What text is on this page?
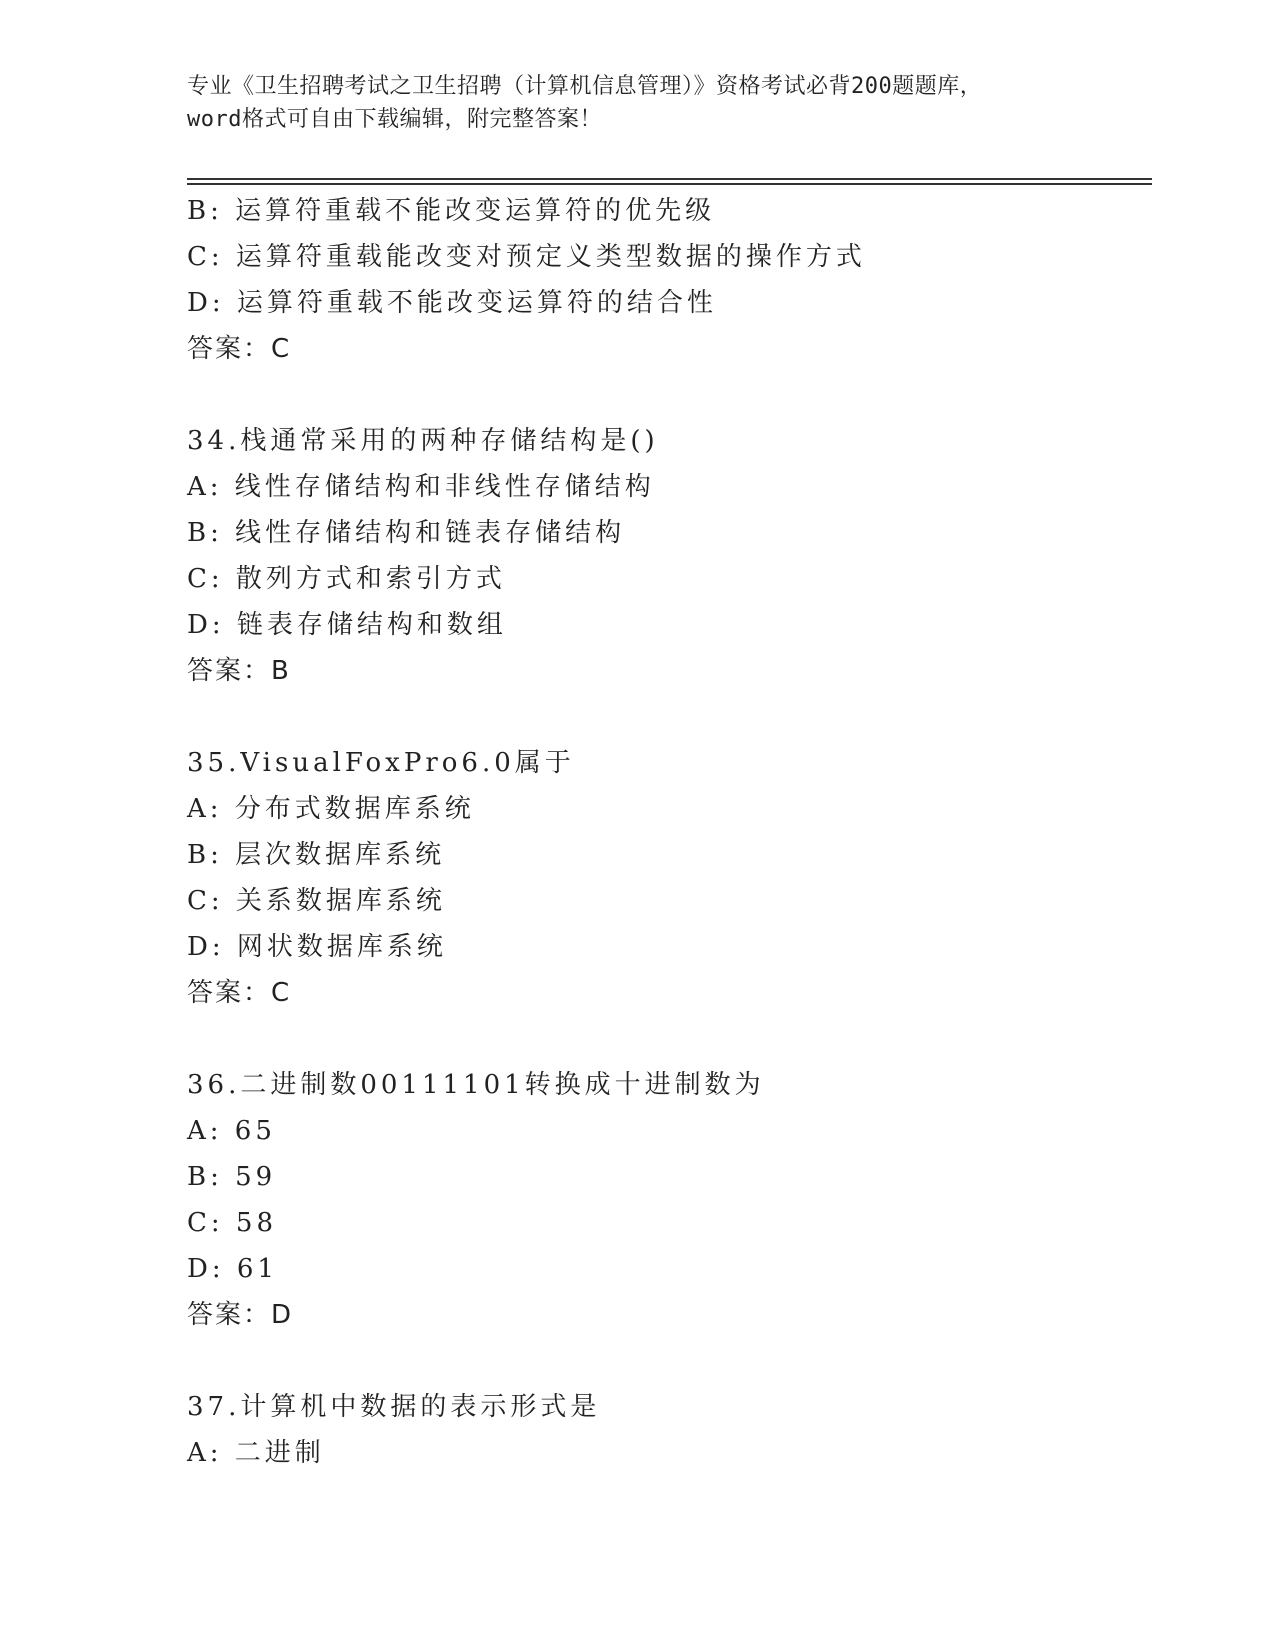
专业《卫生招聘考试之卫生招聘（计算机信息管理）》资格考试必背200题题库，
word格式可自由下载编辑，附完整答案！
B: 运算符重载不能改变运算符的优先级
C: 运算符重载能改变对预定义类型数据的操作方式
D: 运算符重载不能改变运算符的结合性
答案：C
34.栈通常采用的两种存储结构是()
A: 线性存储结构和非线性存储结构
B: 线性存储结构和链表存储结构
C: 散列方式和索引方式
D: 链表存储结构和数组
答案：B
35.VisualFoxPro6.0属于
A: 分布式数据库系统
B: 层次数据库系统
C: 关系数据库系统
D: 网状数据库系统
答案：C
36.二进制数00111101转换成十进制数为
A: 65
B: 59
C: 58
D: 61
答案：D
37.计算机中数据的表示形式是
A: 二进制
